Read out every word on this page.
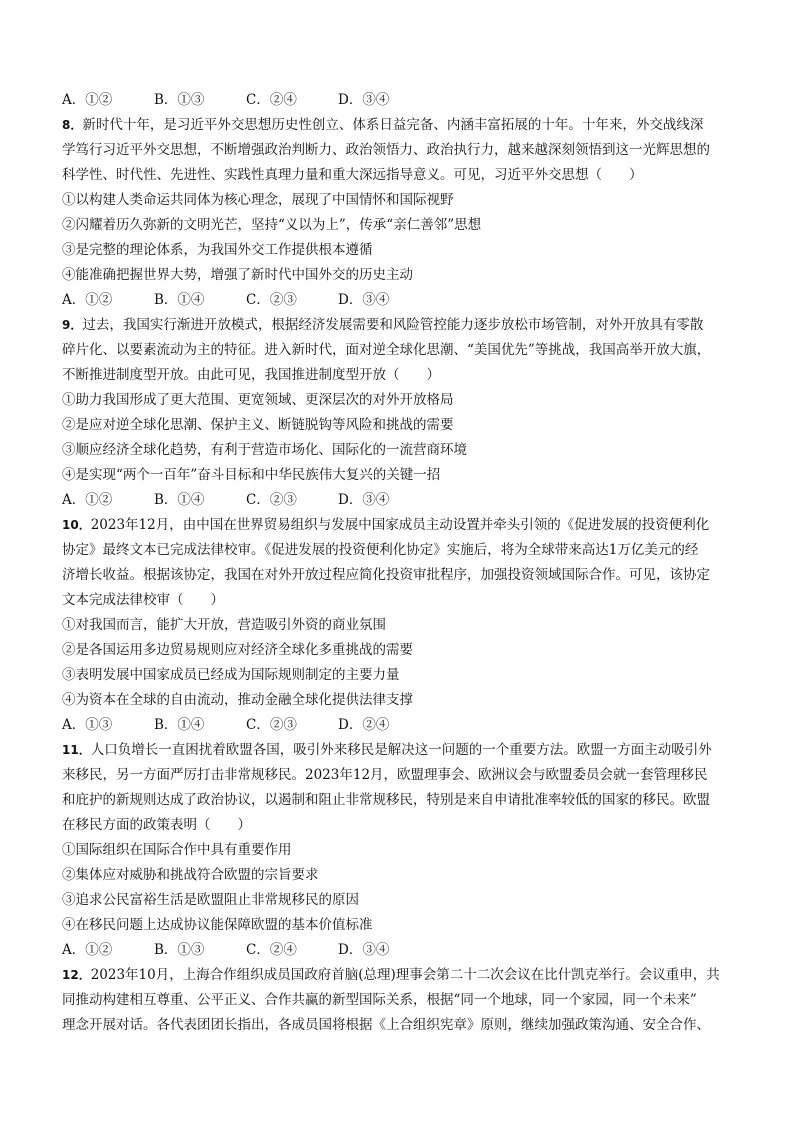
A．①②	B．①③	C．②④	D．③④
8．新时代十年，是习近平外交思想历史性创立、体系日益完备、内涵丰富拓展的十年。十年来，外交战线深
学笃行习近平外交思想，不断增强政治判断力、政治领悟力、政治执行力，越来越深刻领悟到这一光辉思想的
科学性、时代性、先进性、实践性真理力量和重大深远指导意义。可见，习近平外交思想（　　）
①以构建人类命运共同体为核心理念，展现了中国情怀和国际视野
②闪耀着历久弥新的文明光芒，坚持“义以为上”，传承“亲仁善邻”思想
③是完整的理论体系，为我国外交工作提供根本遵循
④能准确把握世界大势，增强了新时代中国外交的历史主动
A．①②	B．①④	C．②③	D．③④
9．过去，我国实行渐进开放模式，根据经济发展需要和风险管控能力逐步放松市场管制，对外开放具有零散
碎片化、以要素流动为主的特征。进入新时代，面对逆全球化思潮、“美国优先”等挑战，我国高举开放大旗，
不断推进制度型开放。由此可见，我国推进制度型开放（　　）
①助力我国形成了更大范围、更宽领域、更深层次的对外开放格局
②是应对逆全球化思潮、保护主义、断链脱钩等风险和挑战的需要
③顺应经济全球化趋势，有利于营造市场化、国际化的一流营商环境
④是实现“两个一百年”奋斗目标和中华民族伟大复兴的关键一招
A．①②	B．①④	C．②③	D．③④
10．2023年12月，由中国在世界贸易组织与发展中国家成员主动设置并牵头引领的《促进发展的投资便利化
协定》最终文本已完成法律校审。《促进发展的投资便利化协定》实施后，将为全球带来高达1万亿美元的经
济增长收益。根据该协定，我国在对外开放过程应简化投资审批程序，加强投资领域国际合作。可见，该协定
文本完成法律校审（　　）
①对我国而言，能扩大开放，营造吸引外资的商业氛围
②是各国运用多边贸易规则应对经济全球化多重挑战的需要
③表明发展中国家成员已经成为国际规则制定的主要力量
④为资本在全球的自由流动，推动金融全球化提供法律支撑
A．①③	B．①④	C．②③	D．②④
11．人口负增长一直困扰着欧盟各国，吸引外来移民是解决这一问题的一个重要方法。欧盟一方面主动吸引外
来移民，另一方面严厉打击非常规移民。2023年12月，欧盟理事会、欧洲议会与欧盟委员会就一套管理移民
和庇护的新规则达成了政治协议，以遏制和阻止非常规移民，特别是来自申请批准率较低的国家的移民。欧盟
在移民方面的政策表明（　　）
①国际组织在国际合作中具有重要作用
②集体应对威胁和挑战符合欧盟的宗旨要求
③追求公民富裕生活是欧盟阻止非常规移民的原因
④在移民问题上达成协议能保障欧盟的基本价值标准
A．①②	B．①③	C．②④	D．③④
12．2023年10月，上海合作组织成员国政府首脑(总理)理事会第二十二次会议在比什凯克举行。会议重申，共
同推动构建相互尊重、公平正义、合作共赢的新型国际关系，根据“同一个地球，同一个家园，同一个未来”
理念开展对话。各代表团团长指出，各成员国将根据《上合组织宪章》原则，继续加强政策沟通、安全合作、
